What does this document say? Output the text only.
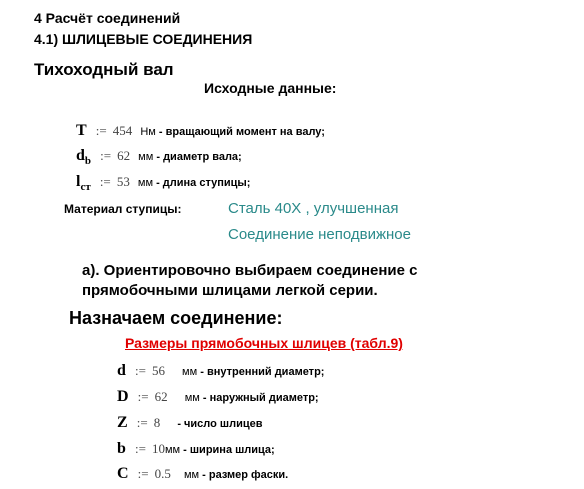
4 Расчёт соединений
4.1) ШЛИЦЕВЫЕ СОЕДИНЕНИЯ
Тихоходный вал
Исходные данные:
T := 454 Нм - вращающий момент на валу;
db := 62 мм - диаметр вала;
lст := 53 мм - длина ступицы;
Материал ступицы:	Сталь 40Х , улучшенная
Соединение неподвижное
а). Ориентировочно выбираем соединение с прямобочными шлицами легкой серии.
Назначаем соединение:
Размеры прямобочных шлицев (табл.9)
d := 56 мм - внутренний диаметр;
D := 62 мм - наружный диаметр;
Z := 8 - число шлицев
b := 10мм - ширина шлица;
C := 0.5 мм - размер фаски.
